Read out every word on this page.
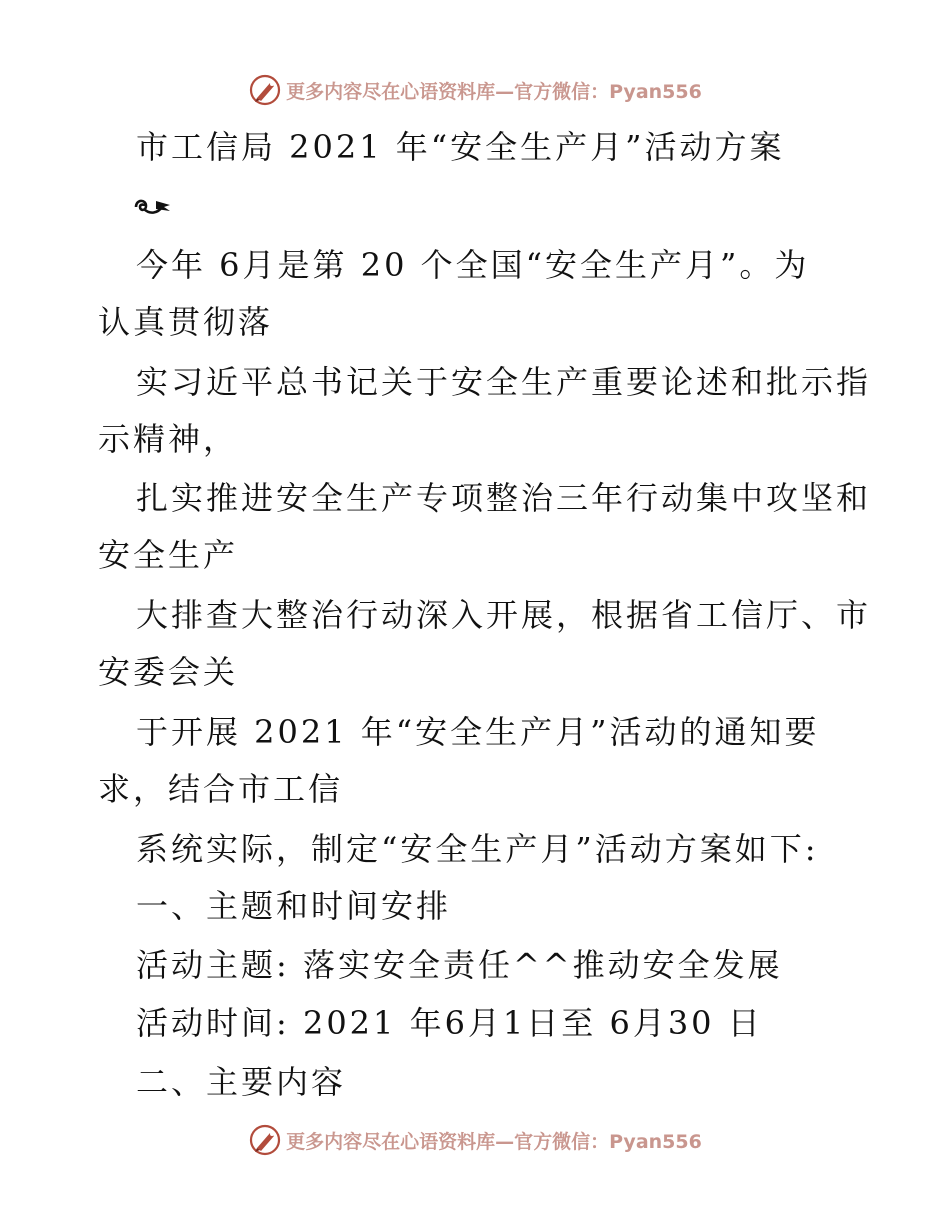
更多内容尽在心语资料库—官方微信：Pyan556
市工信局 2021 年“安全生产月”活动方案
今年 6月是第 20 个全国“安全生产月”。为
认真贯彻落
实习近平总书记关于安全生产重要论述和批示指
示精神，
扎实推进安全生产专项整治三年行动集中攻坚和
安全生产
大排查大整治行动深入开展，根据省工信厅、市
安委会关
于开展 2021 年“安全生产月”活动的通知要
求，结合市工信
系统实际，制定“安全生产月”活动方案如下:
一、主题和时间安排
活动主题: 落实安全责任^^推动安全发展
活动时间: 2021 年6月1日至 6月30 日
二、主要内容
更多内容尽在心语资料库—官方微信：Pyan556
